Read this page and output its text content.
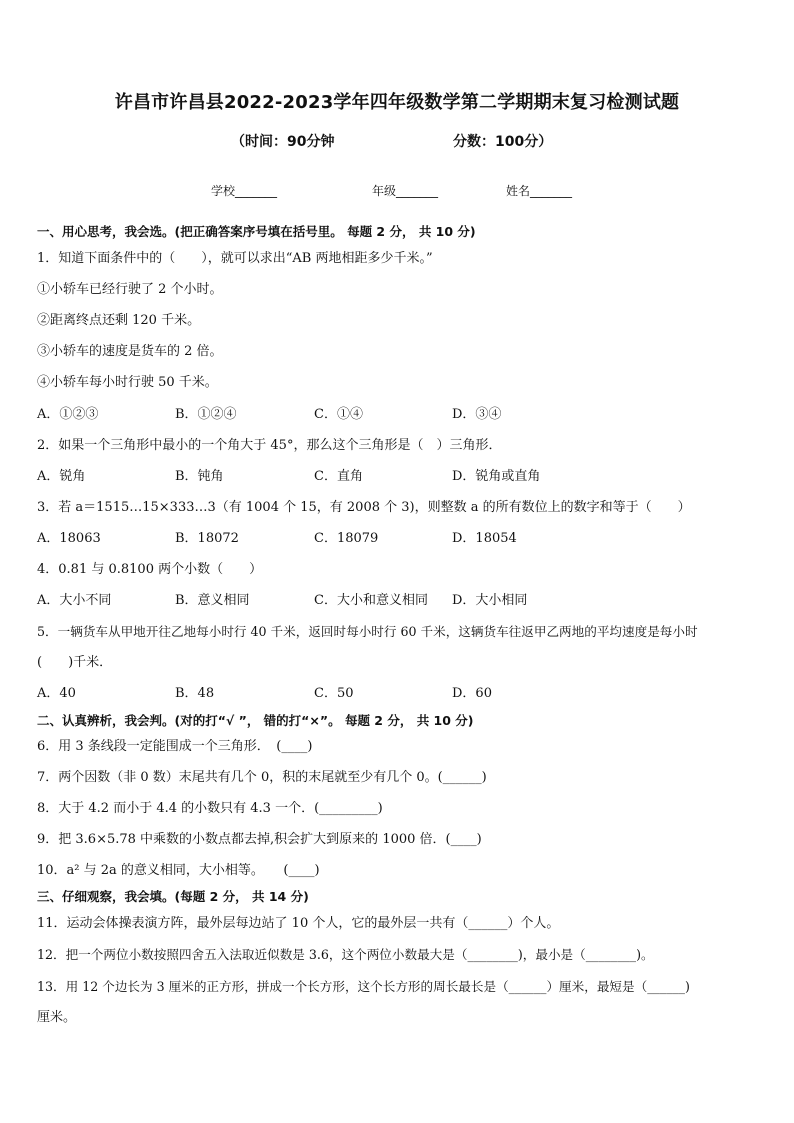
许昌市许昌县2022-2023学年四年级数学第二学期期末复习检测试题
（时间：90分钟	分数：100分）
学校_______	年级_______	姓名_______
一、用心思考，我会选。(把正确答案序号填在括号里。 每题 2 分， 共 10 分)
1．知道下面条件中的（　　），就可以求出“AB 两地相距多少千米。”
①小轿车已经行驶了 2 个小时。
②距离终点还剩 120 千米。
③小轿车的速度是货车的 2 倍。
④小轿车每小时行驶 50 千米。
A．①②③	B．①②④	C．①④	D．③④
2．如果一个三角形中最小的一个角大于 45°，那么这个三角形是（　）三角形．
A．锐角	B．钝角	C．直角	D．锐角或直角
3．若 a＝1515…15×333…3（有 1004 个 15，有 2008 个 3)，则整数 a 的所有数位上的数字和等于（　　）
A．18063	B．18072	C．18079	D．18054
4．0.81 与 0.8100 两个小数（　　）
A．大小不同	B．意义相同	C．大小和意义相同 D．大小相同
5．一辆货车从甲地开往乙地每小时行 40 千米，返回时每小时行 60 千米，这辆货车往返甲乙两地的平均速度是每小时
(　　)千米．
A．40	B．48	C．50	D．60
二、认真辨析，我会判。(对的打“√ ”， 错的打“×”。 每题 2 分， 共 10 分)
6．用 3 条线段一定能围成一个三角形．　(____)
7．两个因数（非 0 数）末尾共有几个 0，积的末尾就至少有几个 0。(______)
8．大于 4.2 而小于 4.4 的小数只有 4.3 一个．(_________)
9．把 3.6×5.78 中乘数的小数点都去掉,积会扩大到原来的 1000 倍．(____)
10．a² 与 2a 的意义相同，大小相等。　　(____)
三、仔细观察，我会填。(每题 2 分， 共 14 分)
11．运动会体操表演方阵，最外层每边站了 10 个人，它的最外层一共有（______）个人。
12．把一个两位小数按照四舍五入法取近似数是 3.6，这个两位小数最大是（________)，最小是（________)。
13．用 12 个边长为 3 厘米的正方形，拼成一个长方形，这个长方形的周长最长是（______）厘米，最短是（______)
厘米。
